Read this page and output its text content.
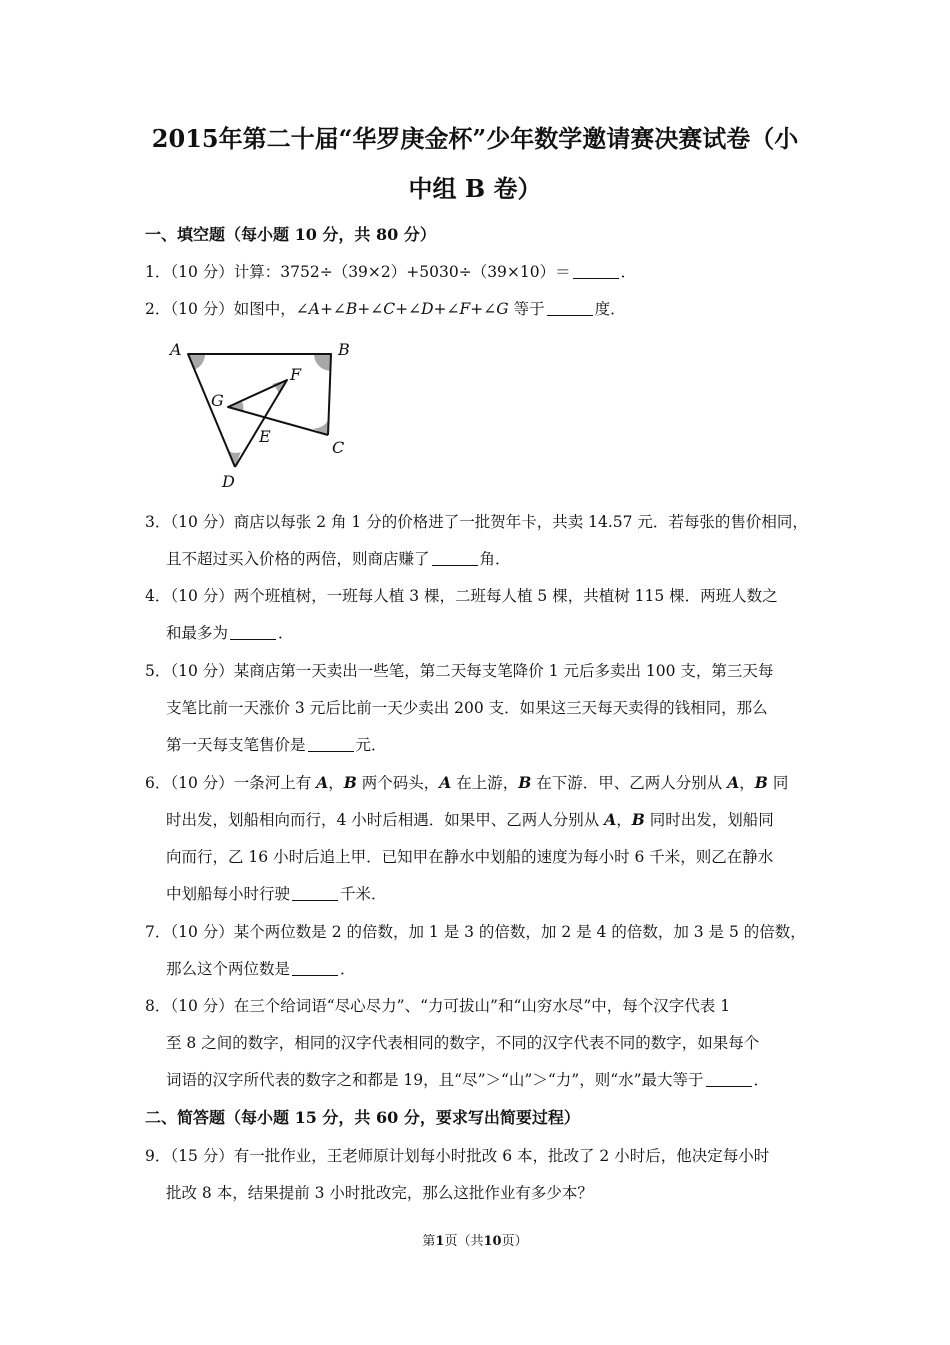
2015年第二十届“华罗庚金杯”少年数学邀请赛决赛试卷（小
中组 B 卷）
一、填空题（每小题 10 分，共 80 分）
1．（10 分）计算：3752÷（39×2）+5030÷（39×10）＝	．
2．（10 分）如图中，∠A+∠B+∠C+∠D+∠F+∠G 等于	度．
A	B
C
D
E
F
G
3．（10 分）商店以每张 2 角 1 分的价格进了一批贺年卡，共卖 14.57 元．若每张的售价相同，
且不超过买入价格的两倍，则商店赚了	角．
4．（10 分）两个班植树，一班每人植 3 棵，二班每人植 5 棵，共植树 115 棵．两班人数之
和最多为	．
5．（10 分）某商店第一天卖出一些笔，第二天每支笔降价 1 元后多卖出 100 支，第三天每
支笔比前一天涨价 3 元后比前一天少卖出 200 支．如果这三天每天卖得的钱相同，那么
第一天每支笔售价是	元．
6．（10 分）一条河上有 A，B 两个码头，A 在上游，B 在下游．甲、乙两人分别从 A，B 同
时出发，划船相向而行，4 小时后相遇．如果甲、乙两人分别从 A，B 同时出发，划船同
向而行，乙 16 小时后追上甲．已知甲在静水中划船的速度为每小时 6 千米，则乙在静水
中划船每小时行驶	千米．
7．（10 分）某个两位数是 2 的倍数，加 1 是 3 的倍数，加 2 是 4 的倍数，加 3 是 5 的倍数，
那么这个两位数是	．
8．（10 分）在三个给词语“尽心尽力”、“力可拔山”和“山穷水尽”中，每个汉字代表 1
至 8 之间的数字，相同的汉字代表相同的数字，不同的汉字代表不同的数字，如果每个
词语的汉字所代表的数字之和都是 19，且“尽”＞“山”＞“力”，则“水”最大等于	．
二、简答题（每小题 15 分，共 60 分，要求写出简要过程）
9．（15 分）有一批作业，王老师原计划每小时批改 6 本，批改了 2 小时后，他决定每小时
批改 8 本，结果提前 3 小时批改完，那么这批作业有多少本？
第1页（共10页）
